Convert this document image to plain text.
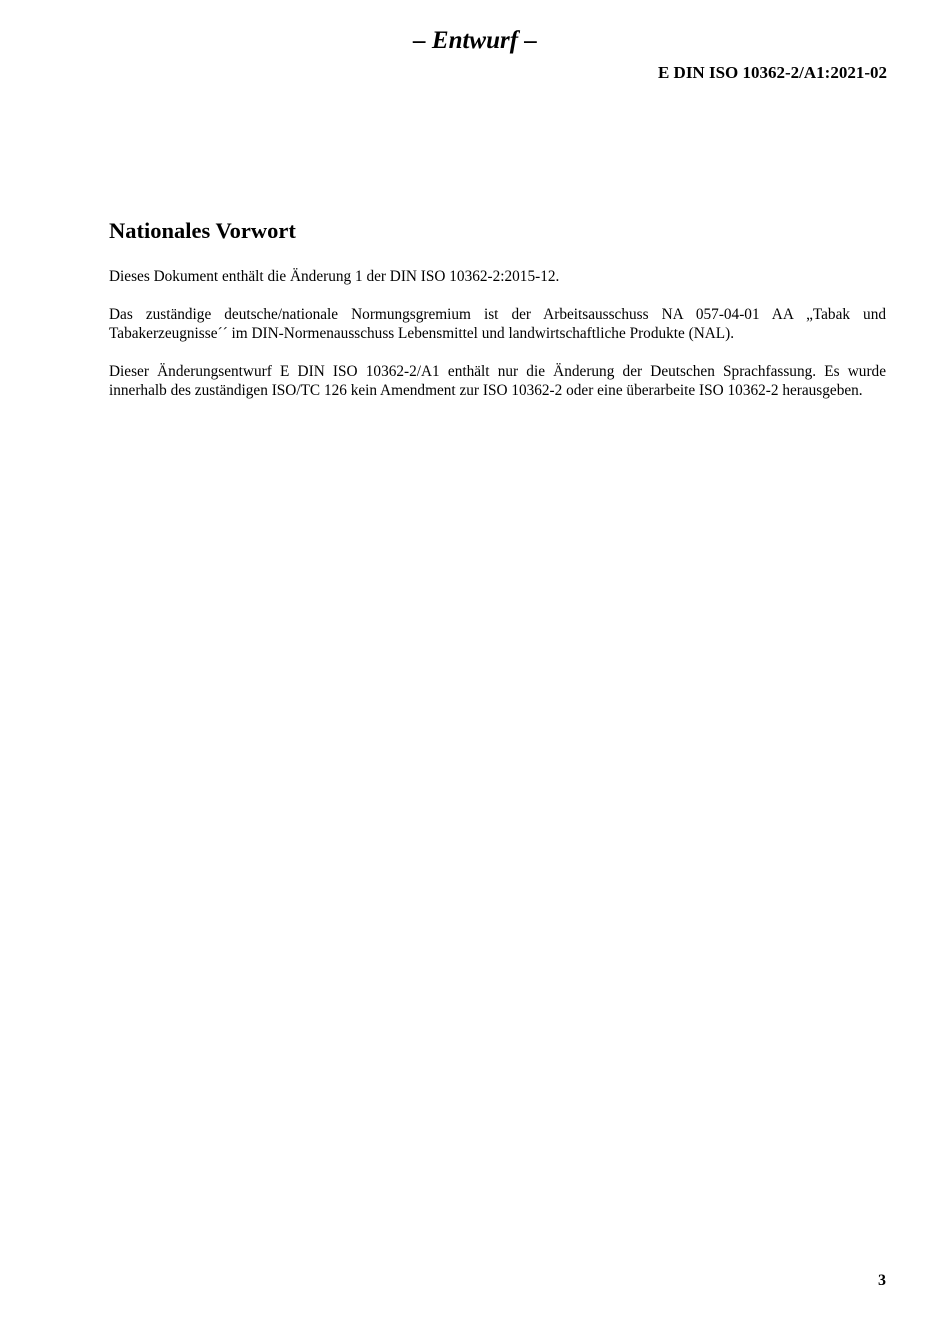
– Entwurf –
E DIN ISO 10362-2/A1:2021-02
Nationales Vorwort

Dieses Dokument enthält die Änderung 1 der DIN ISO 10362-2:2015-12.

Das zuständige deutsche/nationale Normungsgremium ist der Arbeitsausschuss NA 057-04-01 AA „Tabak und Tabakerzeugnisse´´ im DIN-Normenausschuss Lebensmittel und landwirtschaftliche Produkte (NAL).

Dieser Änderungsentwurf E DIN ISO 10362-2/A1 enthält nur die Änderung der Deutschen Sprachfassung. Es wurde innerhalb des zuständigen ISO/TC 126 kein Amendment zur ISO 10362-2 oder eine überarbeite ISO 10362-2 herausgeben.

3
